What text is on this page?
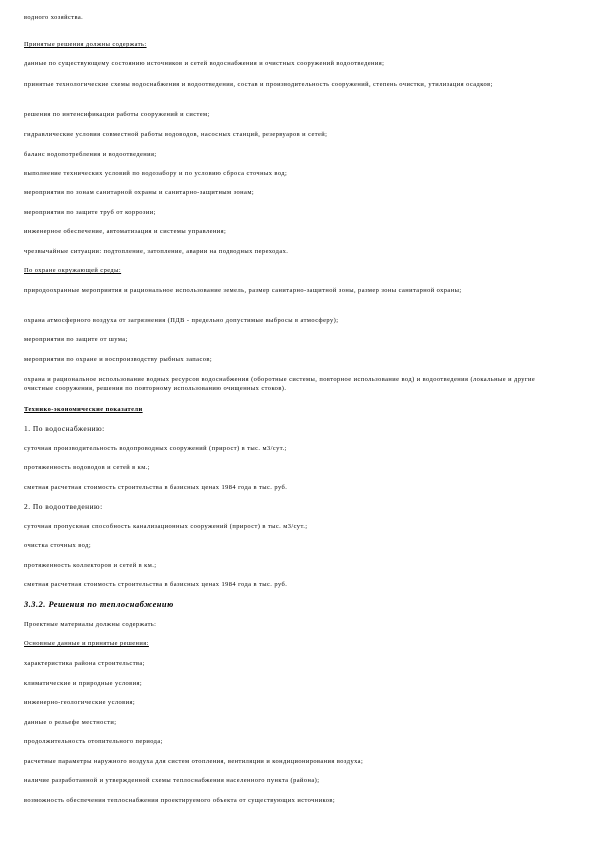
водного хозяйства.
Принятые решения должны содержать:
данные по существующему состоянию источников и сетей водоснабжения и очистных сооружений водоотведения;
принятые технологические схемы водоснабжения и водоотведения, состав и производительность сооружений, степень очистки, утилизация осадков;
решения по интенсификации работы сооружений и систем;
гидравлические условия совместной работы водоводов, насосных станций, резервуаров и сетей;
баланс водопотребления и водоотведения;
выполнение технических условий по водозабору и по условию сброса сточных вод;
мероприятия по зонам санитарной охраны и санитарно-защитным зонам;
мероприятия по защите труб от коррозии;
инженерное обеспечение, автоматизация и системы управления;
чрезвычайные ситуации: подтопление, затопление, аварии на подводных переходах.
По охране окружающей среды:
природоохранные мероприятия и рациональное использование земель, размер санитарно-защитной зоны, размер зоны санитарной охраны;
охрана атмосферного воздуха от загрязнения (ПДВ - предельно допустимые выбросы в атмосферу);
мероприятия по защите от шума;
мероприятия по охране и воспроизводству рыбных запасов;
охрана и рациональное использование водных ресурсов водоснабжения (оборотные системы, повторное использование вод) и водоотведения (локальные и другие очистные сооружения, решения по повторному использованию очищенных стоков).
Технико-экономические показатели
1. По водоснабжению:
суточная производительность водопроводных сооружений (прирост) в тыс. м3/сут.;
протяженность водоводов и сетей в км.;
сметная расчетная стоимость строительства в базисных ценах 1984 года в тыс. руб.
2. По водоотведению:
суточная пропускная способность канализационных сооружений (прирост) в тыс. м3/сут.;
очистка сточных вод;
протяженность коллекторов и сетей в км.;
сметная расчетная стоимость строительства в базисных ценах 1984 года в тыс. руб.
3.3.2. Решения по теплоснабжению
Проектные материалы должны содержать:
Основные данные и принятые решения:
характеристика района строительства;
климатические и природные условия;
инженерно-геологические условия;
данные о рельефе местности;
продолжительность отопительного периода;
расчетные параметры наружного воздуха для систем отопления, вентиляции и кондиционирования воздуха;
наличие разработанной и утвержденной схемы теплоснабжения населенного пункта (района);
возможность обеспечения теплоснабжения проектируемого объекта от существующих источников;
